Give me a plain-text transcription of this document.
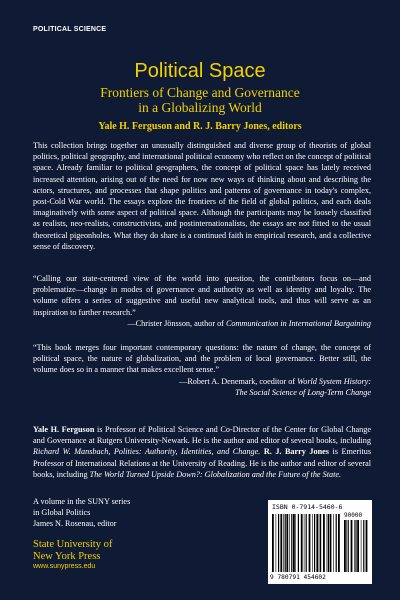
POLITICAL SCIENCE
Political Space
Frontiers of Change and Governance
in a Globalizing World
Yale H. Ferguson and R. J. Barry Jones, editors
This collection brings together an unusually distinguished and diverse group of theorists of global politics, political geography, and international political economy who reflect on the concept of political space. Already familiar to political geographers, the concept of political space has lately received increased attention, arising out of the need for now new ways of thinking about and describing the actors, structures, and processes that shape politics and patterns of governance in today's complex, post-Cold War world. The essays explore the frontiers of the field of global politics, and each deals imaginatively with some aspect of political space. Although the participants may be loosely classified as realists, neo-realists, constructivists, and postinternationalists, the essays are not fitted to the usual theoretical pigeonholes. What they do share is a continued faith in empirical research, and a collective sense of discovery.
“Calling our state-centered view of the world into question, the contributors focus on—and problematize—change in modes of governance and authority as well as identity and loyalty. The volume offers a series of suggestive and useful new analytical tools, and thus will serve as an inspiration to further research.”
—Christer Jönsson, author of Communication in International Bargaining
“This book merges four important contemporary questions: the nature of change, the concept of political space, the nature of globalization, and the problem of local governance. Better still, the volume does so in a manner that makes excellent sense.”
—Robert A. Denemark, coeditor of World System History:
The Social Science of Long-Term Change
Yale H. Ferguson is Professor of Political Science and Co-Director of the Center for Global Change and Governance at Rutgers University-Newark. He is the author and editor of several books, including Richard W. Mansbach, Polities: Authority, Identities, and Change. R. J. Barry Jones is Emeritus Professor of International Relations at the University of Reading. He is the author and editor of several books, including The World Turned Upside Down?: Globalization and the Future of the State.
A volume in the SUNY series
in Global Politics
James N. Rosenau, editor
State University of
New York Press
www.sunypress.edu
ISBN 0-7914-5460-6
90000
9 780791 454602
